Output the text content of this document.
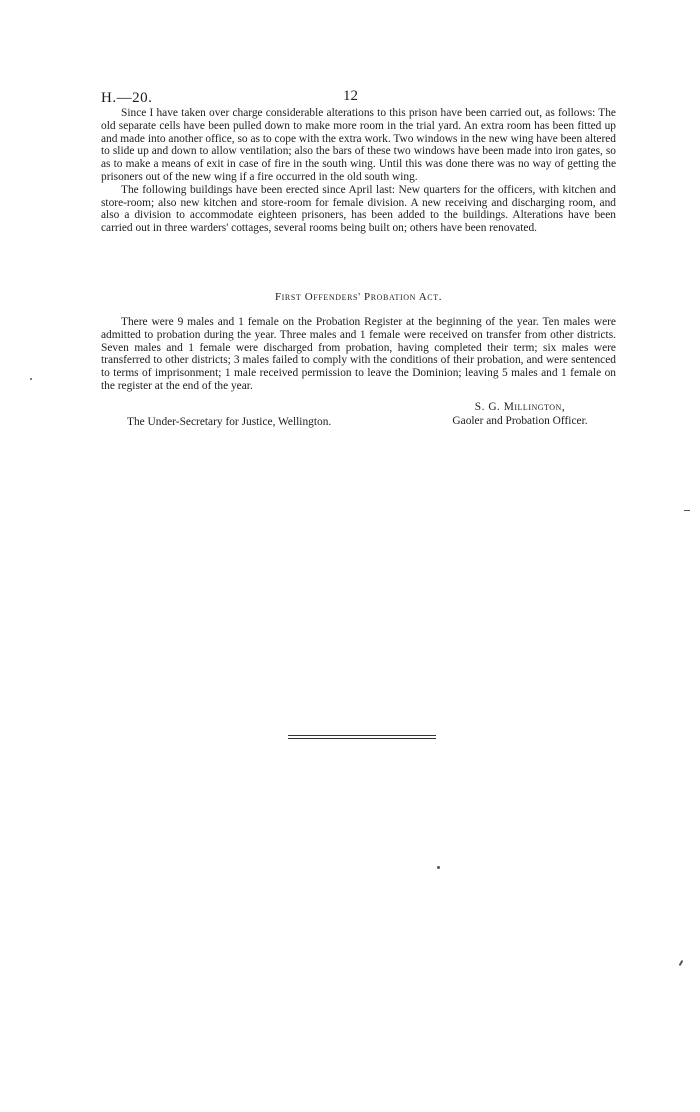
H.—20.	12

Since I have taken over charge considerable alterations to this prison have been carried out, as follows: The old separate cells have been pulled down to make more room in the trial yard. An extra room has been fitted up and made into another office, so as to cope with the extra work. Two windows in the new wing have been altered to slide up and down to allow ventilation; also the bars of these two windows have been made into iron gates, so as to make a means of exit in case of fire in the south wing. Until this was done there was no way of getting the prisoners out of the new wing if a fire occurred in the old south wing.

The following buildings have been erected since April last: New quarters for the officers, with kitchen and store-room; also new kitchen and store-room for female division. A new receiving and discharging room, and also a division to accommodate eighteen prisoners, has been added to the buildings. Alterations have been carried out in three warders' cottages, several rooms being built on; others have been renovated.

First Offenders' Probation Act.

There were 9 males and 1 female on the Probation Register at the beginning of the year. Ten males were admitted to probation during the year. Three males and 1 female were received on transfer from other districts. Seven males and 1 female were discharged from probation, having completed their term; six males were transferred to other districts; 3 males failed to comply with the conditions of their probation, and were sentenced to terms of imprisonment; 1 male received permission to leave the Dominion; leaving 5 males and 1 female on the register at the end of the year.

S. G. Millington,
Gaoler and Probation Officer.
The Under-Secretary for Justice, Wellington.
